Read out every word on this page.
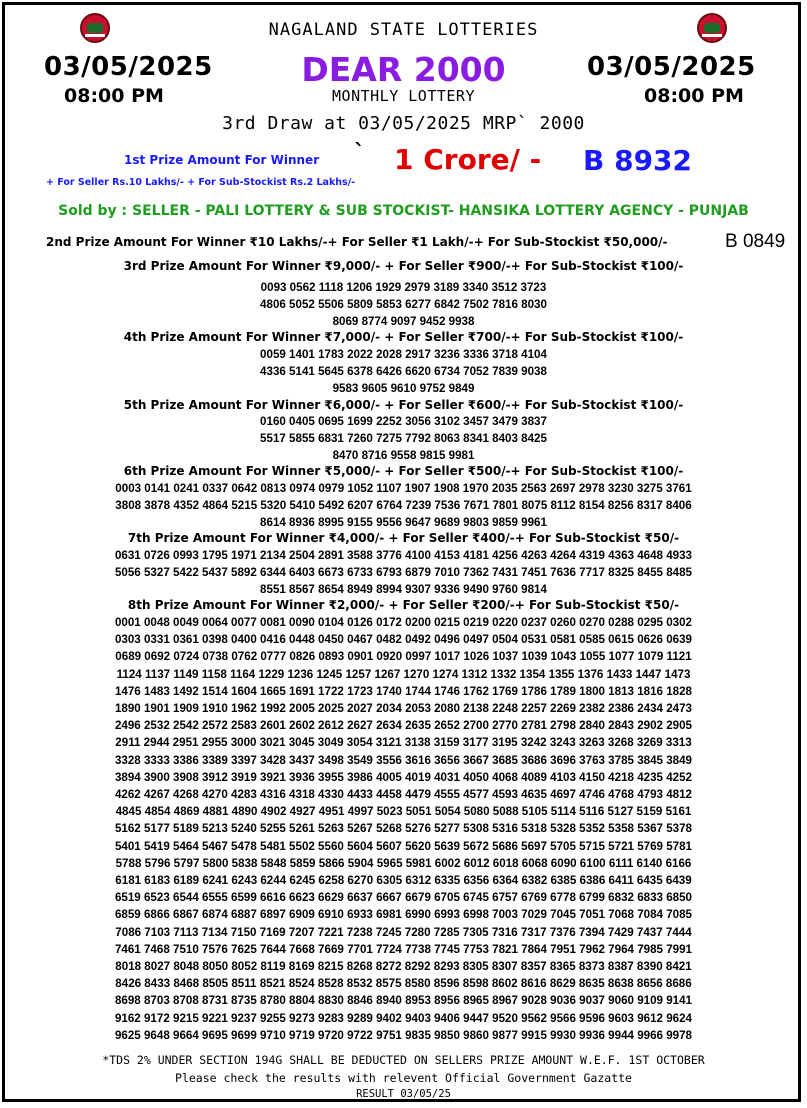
NAGALAND STATE LOTTERIES
03/05/2025
08:00 PM
03/05/2025
08:00 PM
DEAR 2000
MONTHLY LOTTERY
3rd Draw at 03/05/2025 MRP` 2000
1st Prize Amount For Winner ` 1 Crore/ - B 8932
+ For Seller Rs.10 Lakhs/- + For Sub-Stockist Rs.2 Lakhs/-
Sold by : SELLER - PALI LOTTERY & SUB STOCKIST- HANSIKA LOTTERY AGENCY - PUNJAB
2nd Prize Amount For Winner ₹10 Lakhs/-+ For Seller ₹1 Lakh/-+ For Sub-Stockist ₹50,000/-	B 0849
3rd Prize Amount For Winner ₹9,000/- + For Seller ₹900/-+ For Sub-Stockist ₹100/-
0093 0562 1118 1206 1929 2979 3189 3340 3512 3723
4806 5052 5506 5809 5853 6277 6842 7502 7816 8030
8069 8774 9097 9452 9938
4th Prize Amount For Winner ₹7,000/- + For Seller ₹700/-+ For Sub-Stockist ₹100/-
0059 1401 1783 2022 2028 2917 3236 3336 3718 4104
4336 5141 5645 6378 6426 6620 6734 7052 7839 9038
9583 9605 9610 9752 9849
5th Prize Amount For Winner ₹6,000/- + For Seller ₹600/-+ For Sub-Stockist ₹100/-
0160 0405 0695 1699 2252 3056 3102 3457 3479 3837
5517 5855 6831 7260 7275 7792 8063 8341 8403 8425
8470 8716 9558 9815 9981
6th Prize Amount For Winner ₹5,000/- + For Seller ₹500/-+ For Sub-Stockist ₹100/-
0003 0141 0241 0337 0642 0813 0974 0979 1052 1107 1907 1908 1970 2035 2563 2697 2978 3230 3275 3761
3808 3878 4352 4864 5215 5320 5410 5492 6207 6764 7239 7536 7671 7801 8075 8112 8154 8256 8317 8406
8614 8936 8995 9155 9556 9647 9689 9803 9859 9961
7th Prize Amount For Winner ₹4,000/- + For Seller ₹400/-+ For Sub-Stockist ₹50/-
0631 0726 0993 1795 1971 2134 2504 2891 3588 3776 4100 4153 4181 4256 4263 4264 4319 4363 4648 4933
5056 5327 5422 5437 5892 6344 6403 6673 6733 6793 6879 7010 7362 7431 7451 7636 7717 8325 8455 8485
8551 8567 8654 8949 8994 9307 9336 9490 9760 9814
8th Prize Amount For Winner ₹2,000/- + For Seller ₹200/-+ For Sub-Stockist ₹50/-
0001 0048 0049 0064 0077 0081 0090 0104 0126 0172 0200 0215 0219 0220 0237 0260 0270 0288 0295 0302
0303 0331 0361 0398 0400 0416 0448 0450 0467 0482 0492 0496 0497 0504 0531 0581 0585 0615 0626 0639
0689 0692 0724 0738 0762 0777 0826 0893 0901 0920 0997 1017 1026 1037 1039 1043 1055 1077 1079 1121
1124 1137 1149 1158 1164 1229 1236 1245 1257 1267 1270 1274 1312 1332 1354 1355 1376 1433 1447 1473
1476 1483 1492 1514 1604 1665 1691 1722 1723 1740 1744 1746 1762 1769 1786 1789 1800 1813 1816 1828
1890 1901 1909 1910 1962 1992 2005 2025 2027 2034 2053 2080 2138 2248 2257 2269 2382 2386 2434 2473
2496 2532 2542 2572 2583 2601 2602 2612 2627 2634 2635 2652 2700 2770 2781 2798 2840 2843 2902 2905
2911 2944 2951 2955 3000 3021 3045 3049 3054 3121 3138 3159 3177 3195 3242 3243 3263 3268 3269 3313
3328 3333 3386 3389 3397 3428 3437 3498 3549 3556 3616 3656 3667 3685 3686 3696 3763 3785 3845 3849
3894 3900 3908 3912 3919 3921 3936 3955 3986 4005 4019 4031 4050 4068 4089 4103 4150 4218 4235 4252
4262 4267 4268 4270 4283 4316 4318 4330 4433 4458 4479 4555 4577 4593 4635 4697 4746 4768 4793 4812
4845 4854 4869 4881 4890 4902 4927 4951 4997 5023 5051 5054 5080 5088 5105 5114 5116 5127 5159 5161
5162 5177 5189 5213 5240 5255 5261 5263 5267 5268 5276 5277 5308 5316 5318 5328 5352 5358 5367 5378
5401 5419 5464 5467 5478 5481 5502 5560 5604 5607 5620 5639 5672 5686 5697 5705 5715 5721 5769 5781
5788 5796 5797 5800 5838 5848 5859 5866 5904 5965 5981 6002 6012 6018 6068 6090 6100 6111 6140 6166
6181 6183 6189 6241 6243 6244 6245 6258 6270 6305 6312 6335 6356 6364 6382 6385 6386 6411 6435 6439
6519 6523 6544 6555 6599 6616 6623 6629 6637 6667 6679 6705 6745 6757 6769 6778 6799 6832 6833 6850
6859 6866 6867 6874 6887 6897 6909 6910 6933 6981 6990 6993 6998 7003 7029 7045 7051 7068 7084 7085
7086 7103 7113 7134 7150 7169 7207 7221 7238 7245 7280 7285 7305 7316 7317 7376 7394 7429 7437 7444
7461 7468 7510 7576 7625 7644 7668 7669 7701 7724 7738 7745 7753 7821 7864 7951 7962 7964 7985 7991
8018 8027 8048 8050 8052 8119 8169 8215 8268 8272 8292 8293 8305 8307 8357 8365 8373 8387 8390 8421
8426 8433 8468 8505 8511 8521 8524 8528 8532 8575 8580 8596 8598 8602 8616 8629 8635 8638 8656 8686
8698 8703 8708 8731 8735 8780 8804 8830 8846 8940 8953 8956 8965 8967 9028 9036 9037 9060 9109 9141
9162 9172 9215 9221 9237 9255 9273 9283 9289 9402 9403 9406 9447 9520 9562 9566 9596 9603 9612 9624
9625 9648 9664 9695 9699 9710 9719 9720 9722 9751 9835 9850 9860 9877 9915 9930 9936 9944 9966 9978
*TDS 2% UNDER SECTION 194G SHALL BE DEDUCTED ON SELLERS PRIZE AMOUNT W.E.F. 1ST OCTOBER
Please check the results with relevent Official Government Gazatte
RESULT 03/05/25
